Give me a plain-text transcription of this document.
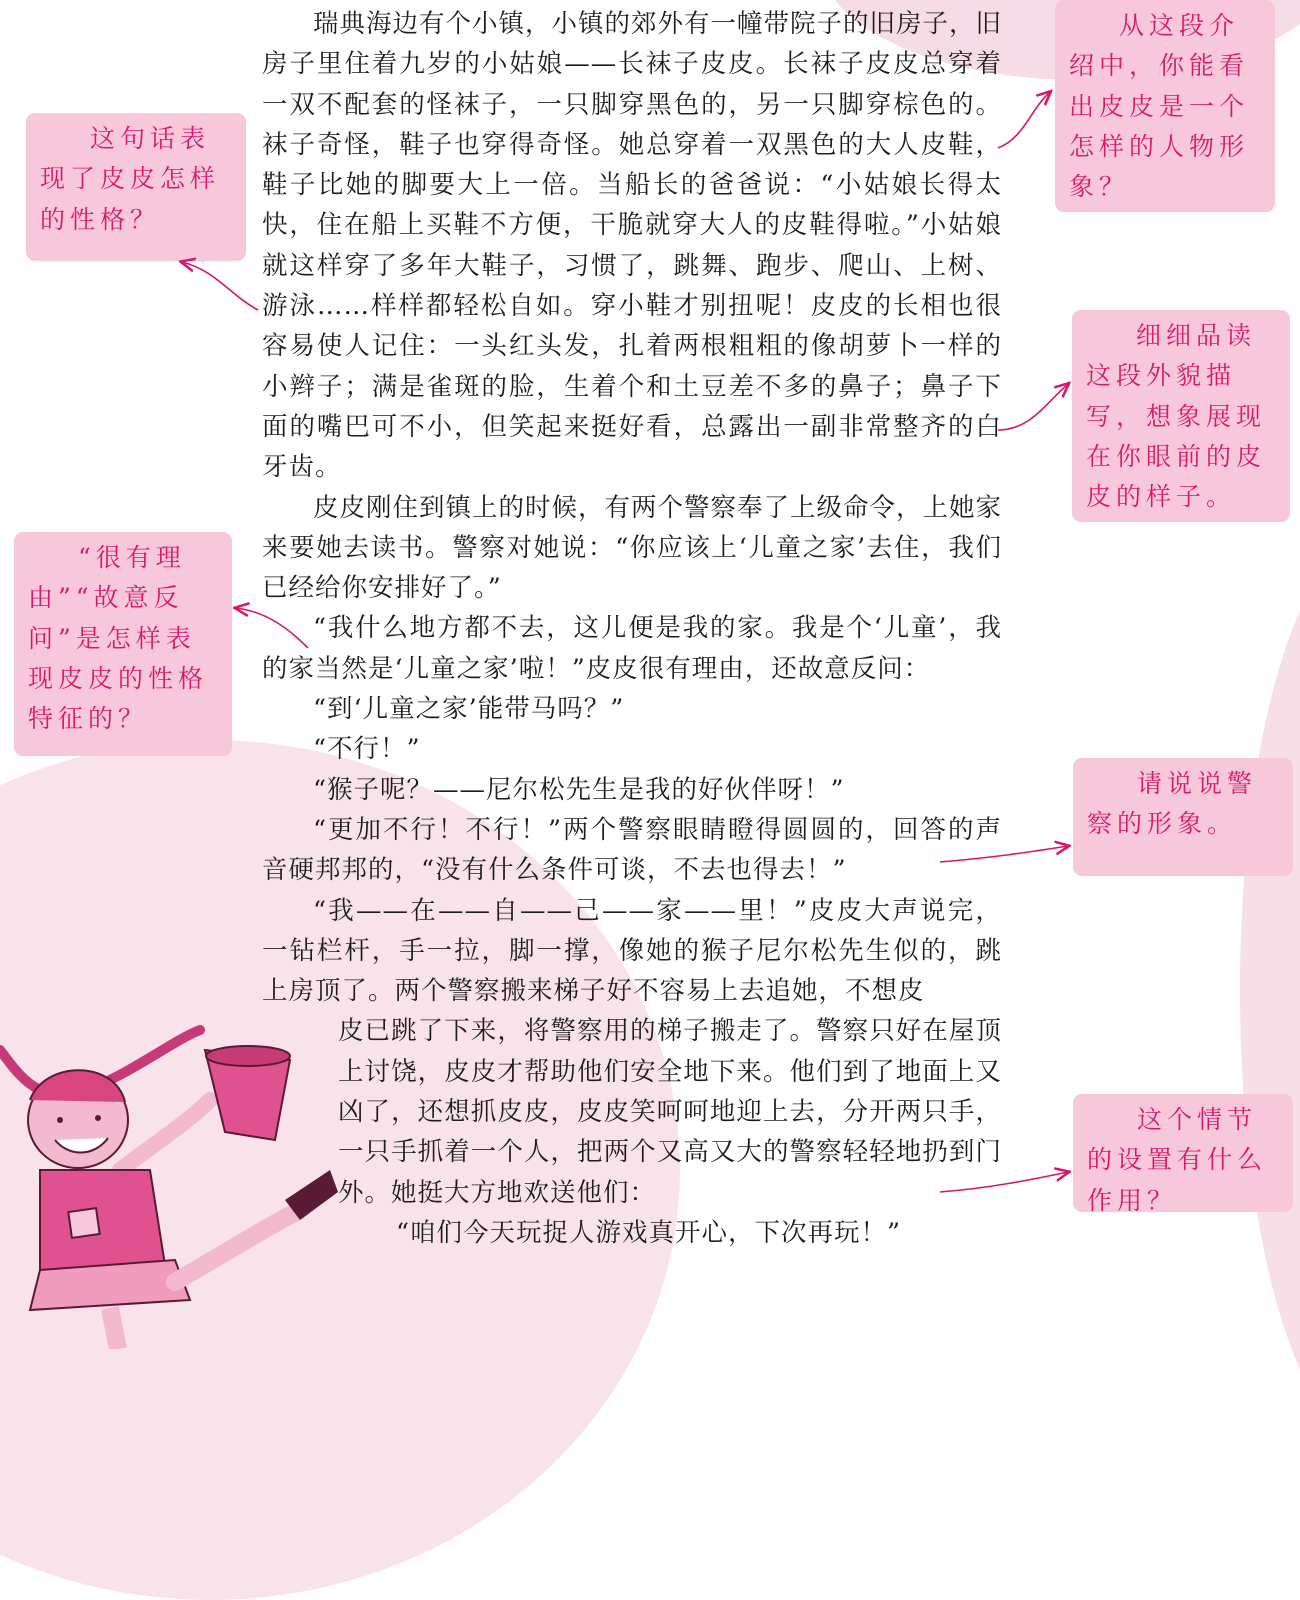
瑞典海边有个小镇，小镇的郊外有一幢带院子的旧房子，旧房子里住着九岁的小姑娘——长袜子皮皮。长袜子皮皮总穿着一双不配套的怪袜子，一只脚穿黑色的，另一只脚穿棕色的。袜子奇怪，鞋子也穿得奇怪。她总穿着一双黑色的大人皮鞋，鞋子比她的脚要大上一倍。当船长的爸爸说：“小姑娘长得太快，住在船上买鞋不方便，干脆就穿大人的皮鞋得啦。”小姑娘就这样穿了多年大鞋子，习惯了，跳舞、跑步、爬山、上树、游泳……样样都轻松自如。穿小鞋才别扭呢！皮皮的长相也很容易使人记住：一头红头发，扎着两根粗粗的像胡萝卜一样的小辫子；满是雀斑的脸，生着个和土豆差不多的鼻子；鼻子下面的嘴巴可不小，但笑起来挺好看，总露出一副非常整齐的白牙齿。

皮皮刚住到镇上的时候，有两个警察奉了上级命令，上她家来要她去读书。警察对她说：“你应该上‘儿童之家’去住，我们已经给你安排好了。”

“我什么地方都不去，这儿便是我的家。我是个‘儿童’，我的家当然是‘儿童之家’啦！”皮皮很有理由，还故意反问：

“到‘儿童之家’能带马吗？”

“不行！”

“猴子呢？——尼尔松先生是我的好伙伴呀！”

“更加不行！不行！”两个警察眼睛瞪得圆圆的，回答的声音硬邦邦的，“没有什么条件可谈，不去也得去！”

“我——在——自——己——家——里！”皮皮大声说完，一钻栏杆，手一拉，脚一撑，像她的猴子尼尔松先生似的，跳上房顶了。两个警察搬来梯子好不容易上去追她，不想皮

皮已跳了下来，将警察用的梯子搬走了。警察只好在屋顶上讨饶，皮皮才帮助他们安全地下来。他们到了地面上又凶了，还想抓皮皮，皮皮笑呵呵地迎上去，分开两只手，一只手抓着一个人，把两个又高又大的警察轻轻地扔到门外。她挺大方地欢送他们：

“咱们今天玩捉人游戏真开心，下次再玩！”

这句话表现了皮皮怎样的性格？
“很有理由”“故意反问”是怎样表现皮皮的性格特征的？
从这段介绍中，你能看出皮皮是一个怎样的人物形象？
细细品读这段外貌描写，想象展现在你眼前的皮皮的样子。
请说说警察的形象。
这个情节的设置有什么作用？
